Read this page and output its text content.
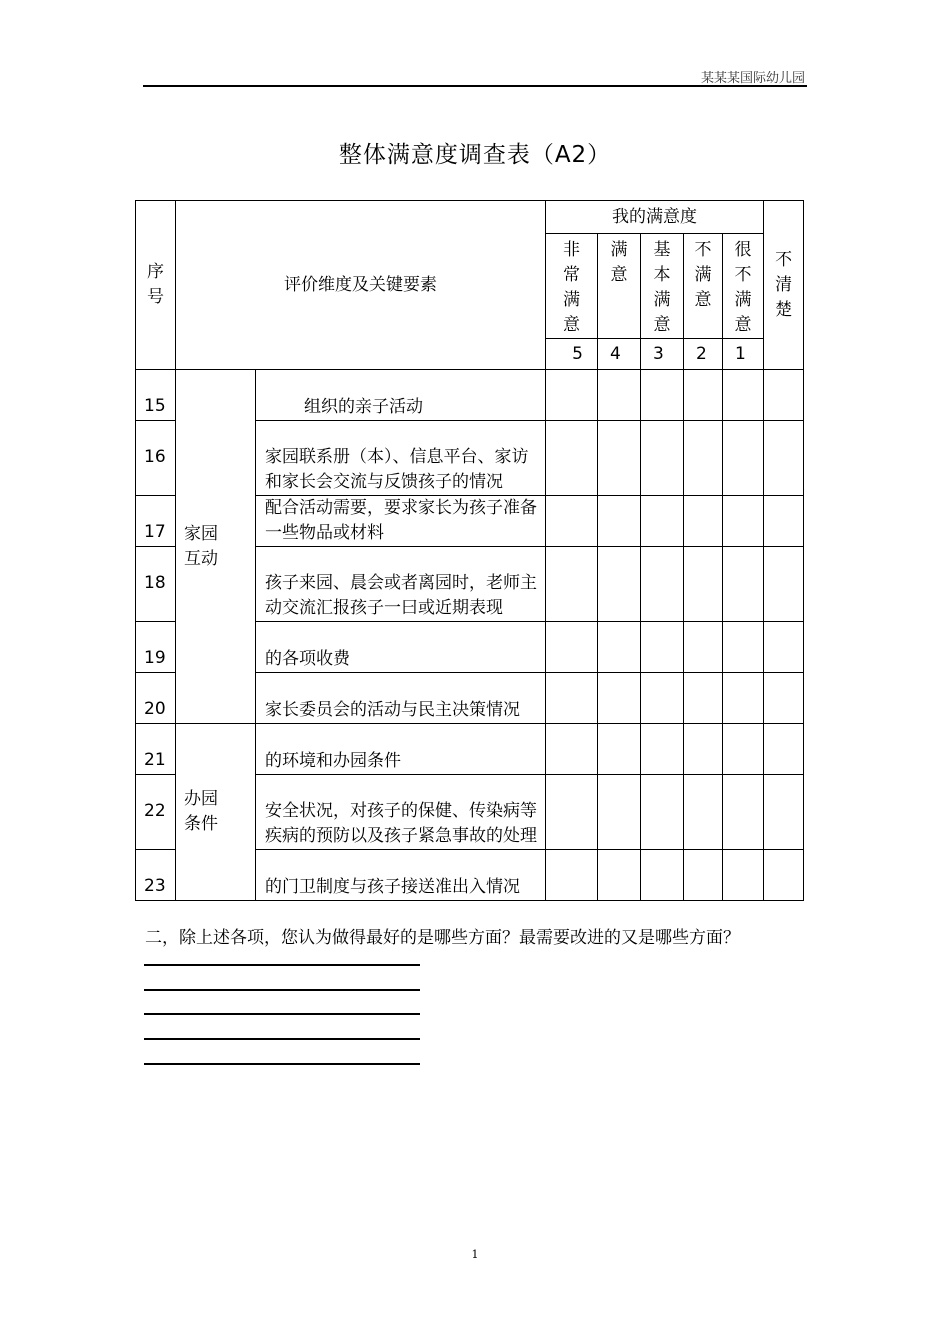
某某某国际幼儿园
整体满意度调查表（A2）
序号	评价维度及关键要素		我的满意度					不清楚
			非常满意	满意	基本满意	不满意	很不满意	
			5	4	3	2	1	
15	家园互动	组织的亲子活动						
16		家园联系册（本）、信息平台、家访和家长会交流与反馈孩子的情况						
17		配合活动需要，要求家长为孩子准备一些物品或材料						
18		孩子来园、晨会或者离园时，老师主动交流汇报孩子一曰或近期表现						
19		的各项收费						
20		家长委员会的活动与民主决策情况						
21	办园条件	的环境和办园条件						
22		安全状况，对孩子的保健、传染病等疾病的预防以及孩子紧急事故的处理						
23		的门卫制度与孩子接送准出入情况						
二，除上述各项，您认为做得最好的是哪些方面？最需要改进的又是哪些方面？
1
